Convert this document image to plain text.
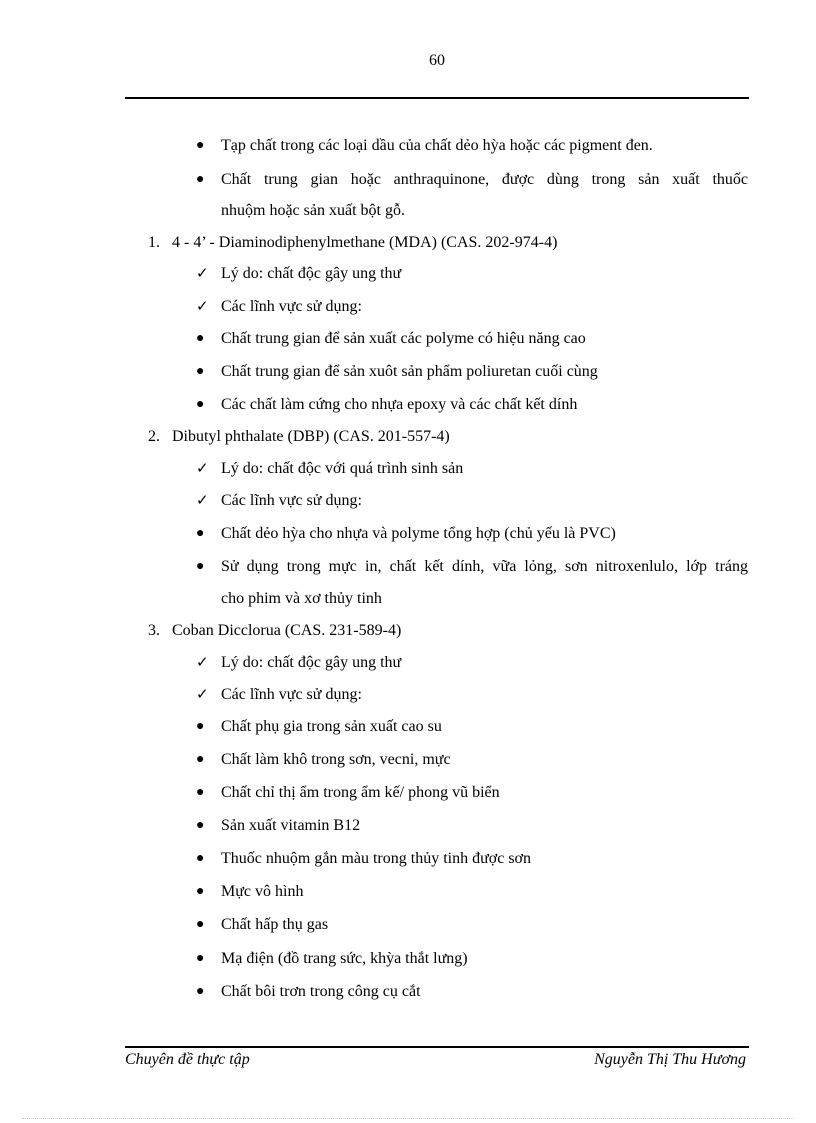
60
● Tạp chất trong các loại dầu của chất dẻo hỳa hoặc các pigment đen.
● Chất trung gian hoặc anthraquinone, được dùng trong sản xuất thuốc
nhuộm hoặc sản xuất bột gỗ.
1. 4 - 4’ - Diaminodiphenylmethane (MDA) (CAS. 202-974-4)
✓ Lý do: chất độc gây ung thư
✓ Các lĩnh vực sử dụng:
● Chất trung gian để sản xuất các polyme có hiệu năng cao
● Chất trung gian để sản xuôt sản phẩm poliuretan cuối cùng
● Các chất làm cứng cho nhựa epoxy và các chất kết dính
2. Dibutyl phthalate (DBP) (CAS. 201-557-4)
✓ Lý do: chất độc với quá trình sinh sản
✓ Các lĩnh vực sử dụng:
● Chất dẻo hỳa cho nhựa và polyme tổng hợp (chủ yếu là PVC)
● Sử dụng trong mực in, chất kết dính, vữa lỏng, sơn nitroxenlulo, lớp tráng
cho phim và xơ thủy tinh
3. Coban Dicclorua (CAS. 231-589-4)
✓ Lý do: chất độc gây ung thư
✓ Các lĩnh vực sử dụng:
● Chất phụ gia trong sản xuất cao su
● Chất làm khô trong sơn, vecni, mực
● Chất chỉ thị ẩm trong ẩm kế/ phong vũ biển
● Sản xuất vitamin B12
● Thuốc nhuộm gắn màu trong thủy tinh được sơn
● Mực vô hình
● Chất hấp thụ gas
● Mạ điện (đồ trang sức, khỳa thắt lưng)
● Chất bôi trơn trong công cụ cắt
Chuyên đề thực tập	Nguyễn Thị Thu Hương
